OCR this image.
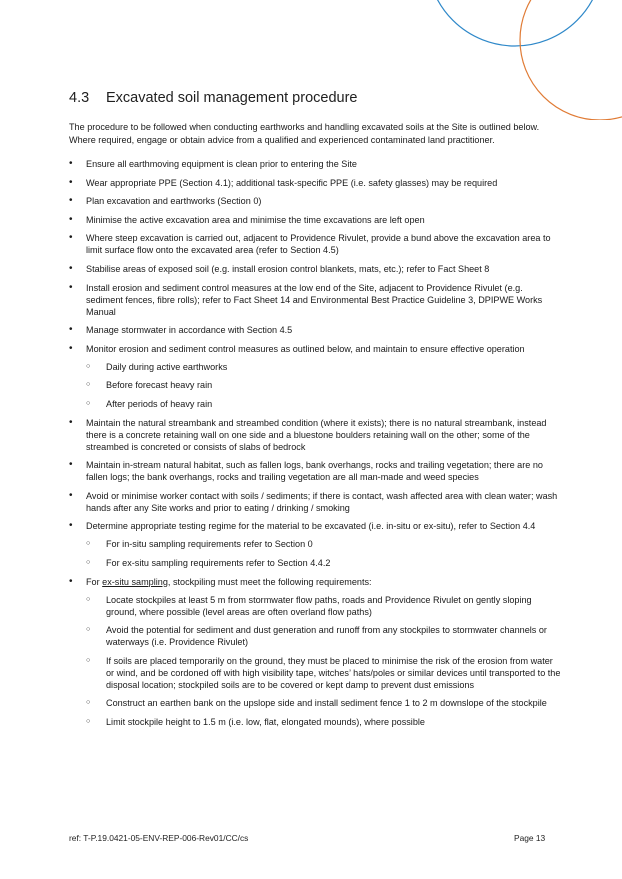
4.3 Excavated soil management procedure
The procedure to be followed when conducting earthworks and handling excavated soils at the Site is outlined below. Where required, engage or obtain advice from a qualified and experienced contaminated land practitioner.
• Ensure all earthmoving equipment is clean prior to entering the Site
• Wear appropriate PPE (Section 4.1); additional task-specific PPE (i.e. safety glasses) may be required
• Plan excavation and earthworks (Section 0)
• Minimise the active excavation area and minimise the time excavations are left open
• Where steep excavation is carried out, adjacent to Providence Rivulet, provide a bund above the excavation area to limit surface flow onto the excavated area (refer to Section 4.5)
• Stabilise areas of exposed soil (e.g. install erosion control blankets, mats, etc.); refer to Fact Sheet 8
• Install erosion and sediment control measures at the low end of the Site, adjacent to Providence Rivulet (e.g. sediment fences, fibre rolls); refer to Fact Sheet 14 and Environmental Best Practice Guideline 3, DPIPWE Works Manual
• Manage stormwater in accordance with Section 4.5
• Monitor erosion and sediment control measures as outlined below, and maintain to ensure effective operation
○ Daily during active earthworks
○ Before forecast heavy rain
○ After periods of heavy rain
• Maintain the natural streambank and streambed condition (where it exists); there is no natural streambank, instead there is a concrete retaining wall on one side and a bluestone boulders retaining wall on the other; some of the streambed is concreted or consists of slabs of bedrock
• Maintain in-stream natural habitat, such as fallen logs, bank overhangs, rocks and trailing vegetation; there are no fallen logs; the bank overhangs, rocks and trailing vegetation are all man-made and weed species
• Avoid or minimise worker contact with soils / sediments; if there is contact, wash affected area with clean water; wash hands after any Site works and prior to eating / drinking / smoking
• Determine appropriate testing regime for the material to be excavated (i.e. in-situ or ex-situ), refer to Section 4.4
○ For in-situ sampling requirements refer to Section 0
○ For ex-situ sampling requirements refer to Section 4.4.2
• For ex-situ sampling, stockpiling must meet the following requirements:
○ Locate stockpiles at least 5 m from stormwater flow paths, roads and Providence Rivulet on gently sloping ground, where possible (level areas are often overland flow paths)
○ Avoid the potential for sediment and dust generation and runoff from any stockpiles to stormwater channels or waterways (i.e. Providence Rivulet)
○ If soils are placed temporarily on the ground, they must be placed to minimise the risk of the erosion from water or wind, and be cordoned off with high visibility tape, witches’ hats/poles or similar devices until transported to the disposal location; stockpiled soils are to be covered or kept damp to prevent dust emissions
○ Construct an earthen bank on the upslope side and install sediment fence 1 to 2 m downslope of the stockpile
○ Limit stockpile height to 1.5 m (i.e. low, flat, elongated mounds), where possible
ref: T-P.19.0421-05-ENV-REP-006-Rev01/CC/cs	Page 13
